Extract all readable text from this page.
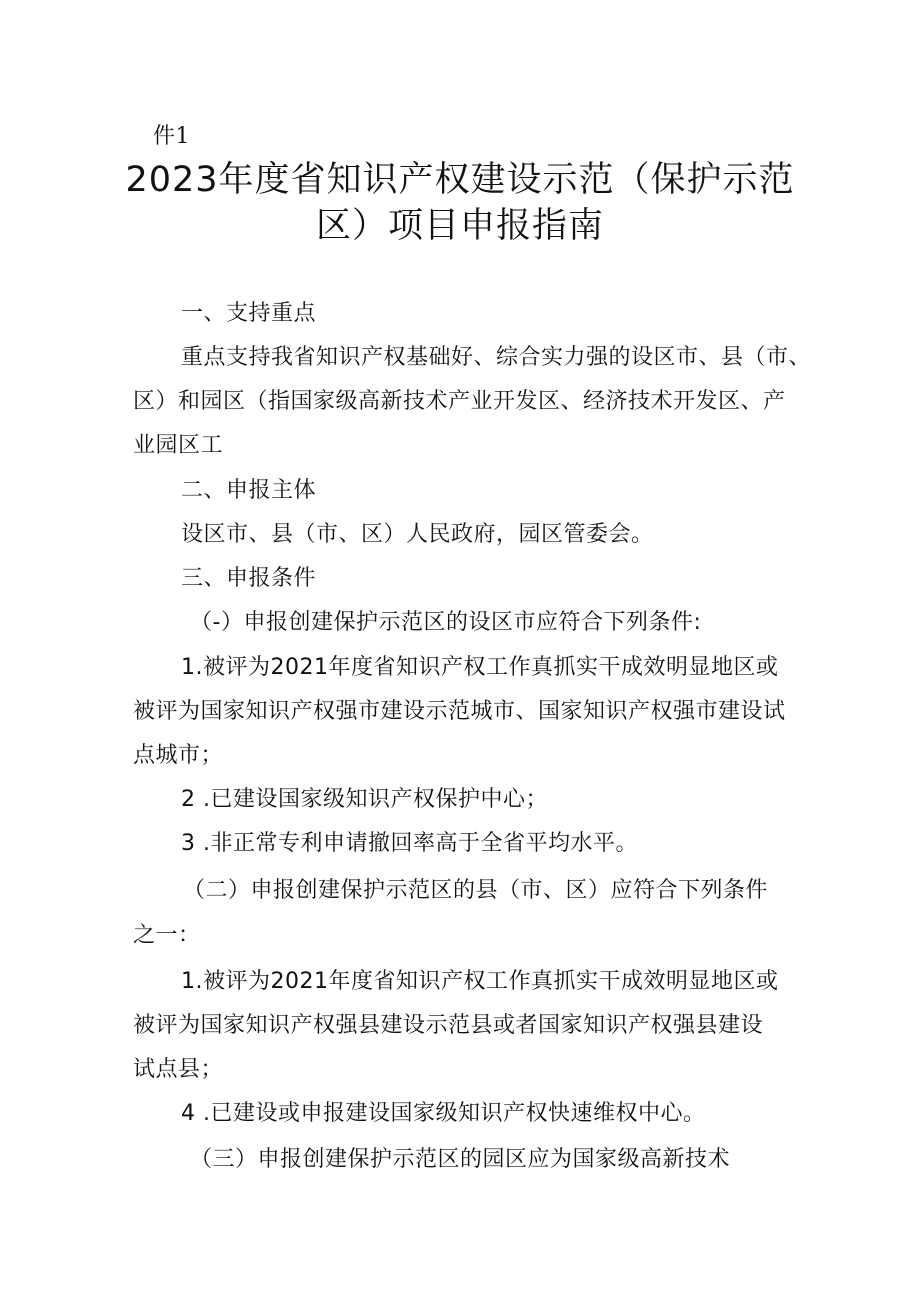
件1
2023年度省知识产权建设示范（保护示范
区）项目申报指南
一、支持重点
重点支持我省知识产权基础好、综合实力强的设区市、县（市、
区）和园区（指国家级高新技术产业开发区、经济技术开发区、产
业园区工
二、申报主体
设区市、县（市、区）人民政府，园区管委会。
三、申报条件
（-）申报创建保护示范区的设区市应符合下列条件:
1.被评为2021年度省知识产权工作真抓实干成效明显地区或
被评为国家知识产权强市建设示范城市、国家知识产权强市建设试
点城市；
2 .已建设国家级知识产权保护中心；
3 .非正常专利申请撤回率高于全省平均水平。
（二）申报创建保护示范区的县（市、区）应符合下列条件
之一：
1.被评为2021年度省知识产权工作真抓实干成效明显地区或
被评为国家知识产权强县建设示范县或者国家知识产权强县建设
试点县；
4 .已建设或申报建设国家级知识产权快速维权中心。
（三）申报创建保护示范区的园区应为国家级高新技术
